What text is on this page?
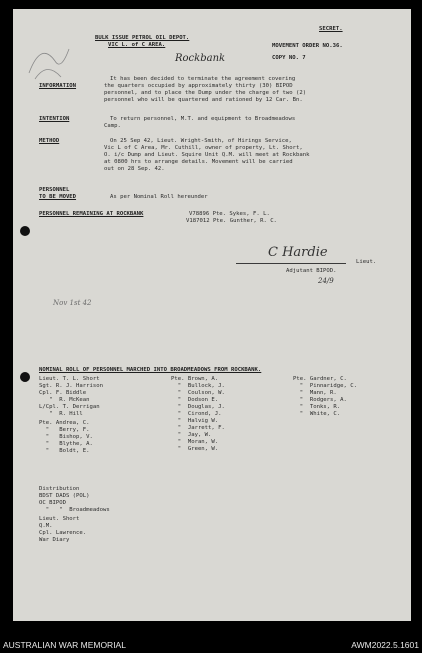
SECRET.
BULK ISSUE PETROL OIL DEPOT.
VIC L. of C AREA.	MOVEMENT ORDER NO.36.
COPY NO. 7
Rockbank
INFORMATION
It has been decided to terminate the agreement covering
the quarters occupied by approximately thirty (30) BIPOD
personnel, and to place the Dump under the charge of two (2)
personnel who will be quartered and rationed by 12 Car. Bn.
INTENTION	To return personnel, M.T. and equipment to Broadmeadows
Camp.
METHOD	On 25 Sep 42, Lieut. Wright-Smith, of Hirings Service,
Vic L of C Area, Mr. Cuthill, owner of property, Lt. Short,
O. i/c Dump and Lieut. Squire Unit Q.M. will meet at Rockbank
at 0800 hrs to arrange details. Movement will be carried
out on 28 Sep. 42.
PERSONNEL
TO BE MOVED	As per Nominal Roll hereunder
PERSONNEL REMAINING AT ROCKBANK	V78896 Pte. Sykes, F. L.
V187012 Pte. Gunther, R. C.
C Hardie
Lieut.
Adjutant BIPOD.
24/9
Nov 1st 42
NOMINAL ROLL OF PERSONNEL MARCHED INTO BROADMEADOWS FROM ROCKBANK.
Lieut. T. L. Short
Sgt. R. J. Harrison
Cpl. F. Biddle
"  R. McKean
L/Cpl. T. Derrigan
"  R. Hill
Pte. Andrea, C.
"   Berry, F.
"   Bishop, V.
"   Blythe, A.
"   Boldt, E.
Pte. Brown, A.
"  Bullock, J.
"  Coulson, W.
"  Dodson E.
"  Douglas, J.
"  Cirond, J.
"  Halvig W.
"  Jarrett, F.
"  Jay, W.
"  Moran, W.
"  Green, W.
Pte. Gardner, C.
"  Pinnaridge, C.
"  Mann, R.
"  Rodgers, A.
"  Tonks, R.
"  White, C.
Distribution
BDST DADS (POL)
OC BIPOD
"   "  Broadmeadows
Lieut. Short
Q.M.
Cpl. Lawrence.
War Diary
AUSTRALIAN WAR MEMORIAL	AWM2022.5.1601
